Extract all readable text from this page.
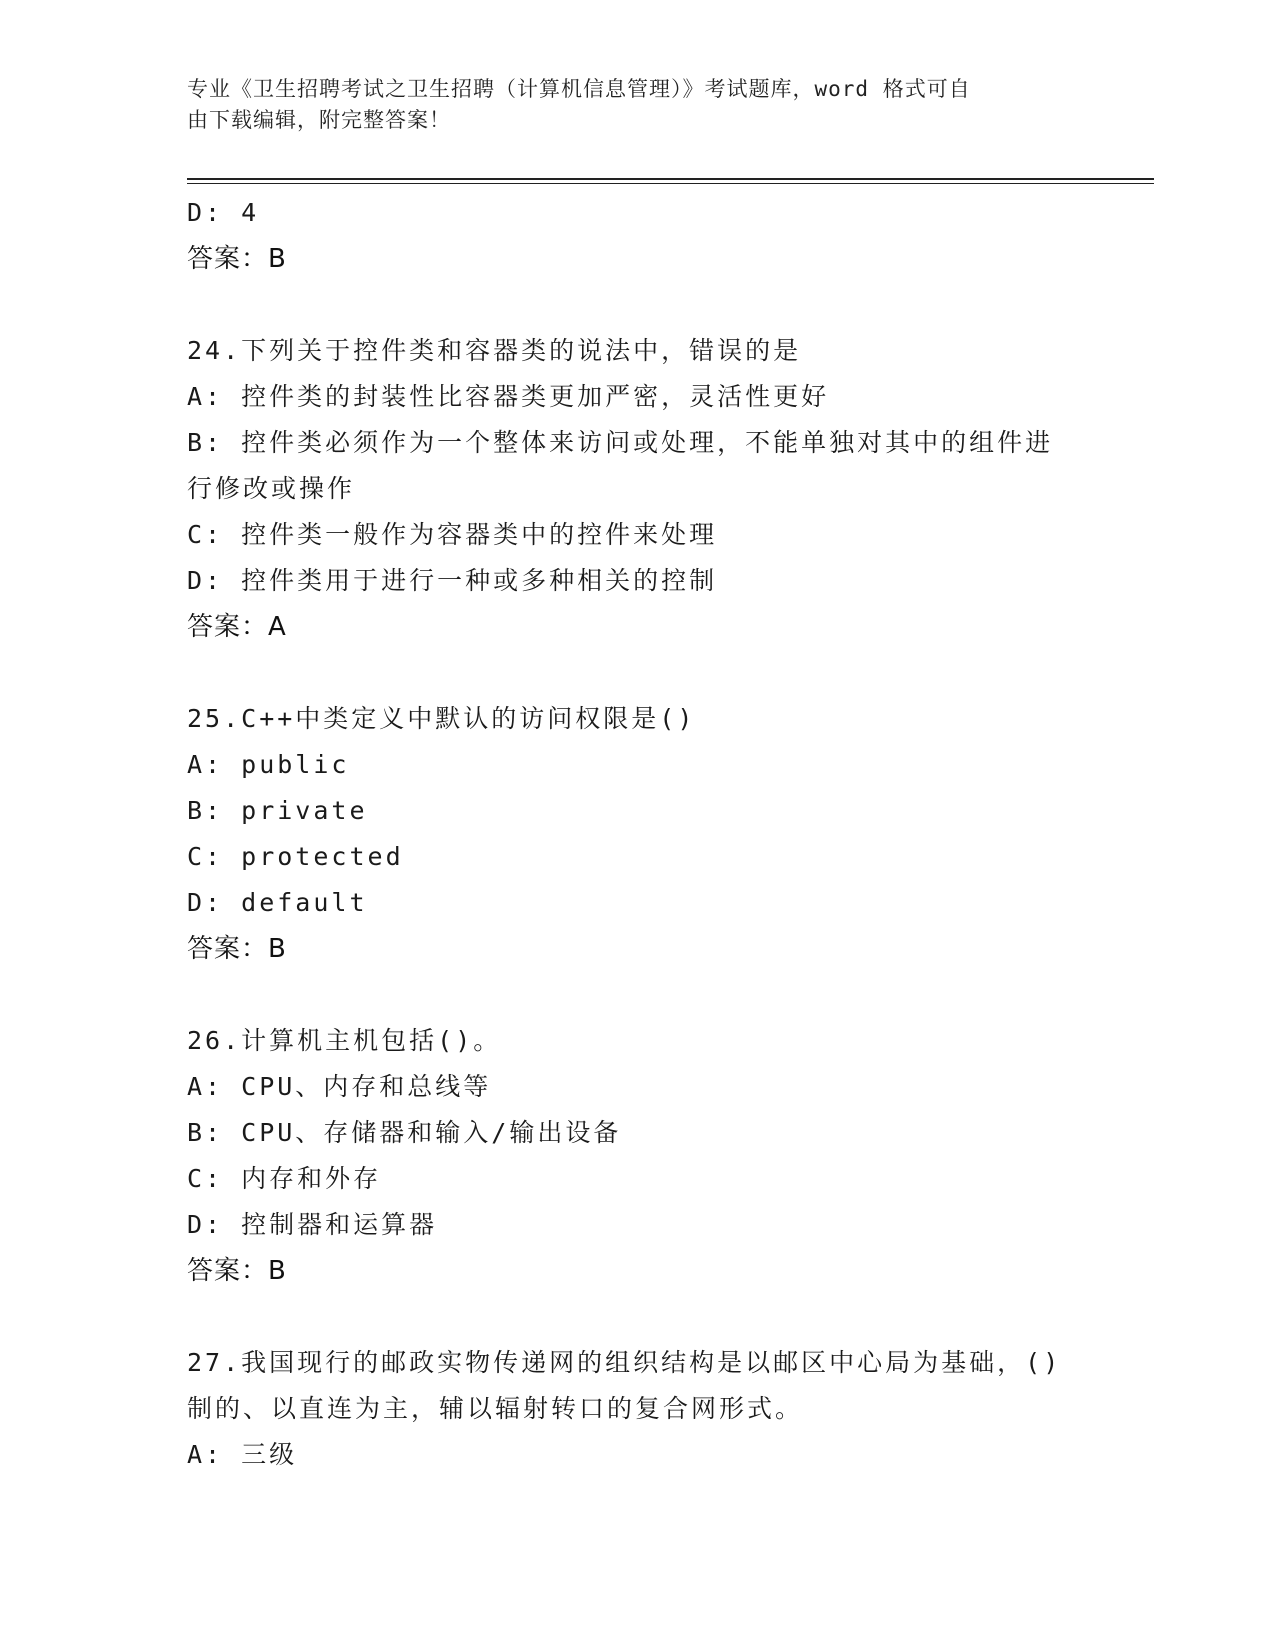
专业《卫生招聘考试之卫生招聘（计算机信息管理）》考试题库，word 格式可自
由下载编辑，附完整答案！
D: 4
答案：B
24.下列关于控件类和容器类的说法中，错误的是
A: 控件类的封装性比容器类更加严密，灵活性更好
B: 控件类必须作为一个整体来访问或处理，不能单独对其中的组件进
行修改或操作
C: 控件类一般作为容器类中的控件来处理
D: 控件类用于进行一种或多种相关的控制
答案：A
25.C++中类定义中默认的访问权限是()
A: public
B: private
C: protected
D: default
答案：B
26.计算机主机包括()。
A: CPU、内存和总线等
B: CPU、存储器和输入/输出设备
C: 内存和外存
D: 控制器和运算器
答案：B
27.我国现行的邮政实物传递网的组织结构是以邮区中心局为基础，()
制的、以直连为主，辅以辐射转口的复合网形式。
A: 三级
